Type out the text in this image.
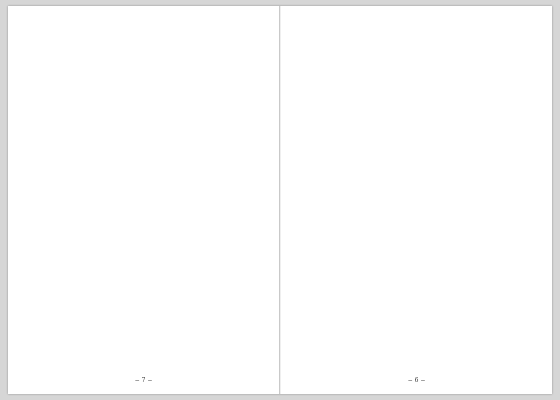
− 7 −	− 6 −
